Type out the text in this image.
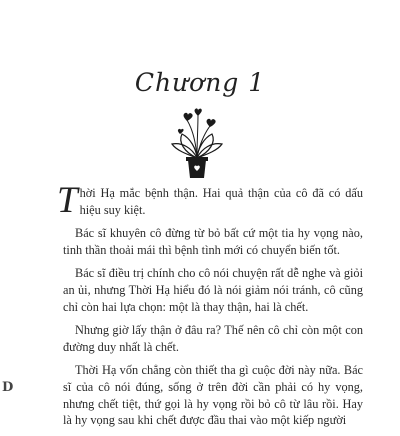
Chương 1

Thời Hạ mắc bệnh thận. Hai quả thận của cô đã có dấu hiệu suy kiệt.

Bác sĩ khuyên cô đừng từ bỏ bất cứ một tia hy vọng nào, tinh thần thoải mái thì bệnh tình mới có chuyển biến tốt.

Bác sĩ điều trị chính cho cô nói chuyện rất dễ nghe và giỏi an ủi, nhưng Thời Hạ hiểu đó là nói giảm nói tránh, cô cũng chỉ còn hai lựa chọn: một là thay thận, hai là chết.

Nhưng giờ lấy thận ở đâu ra? Thế nên cô chỉ còn một con đường duy nhất là chết.

Thời Hạ vốn chẳng còn thiết tha gì cuộc đời này nữa. Bác sĩ của cô nói đúng, sống ở trên đời cần phải có hy vọng, nhưng chết tiệt, thứ gọi là hy vọng rồi bỏ cô từ lâu rồi. Hay là hy vọng sau khi chết được đầu thai vào một kiếp người

D
